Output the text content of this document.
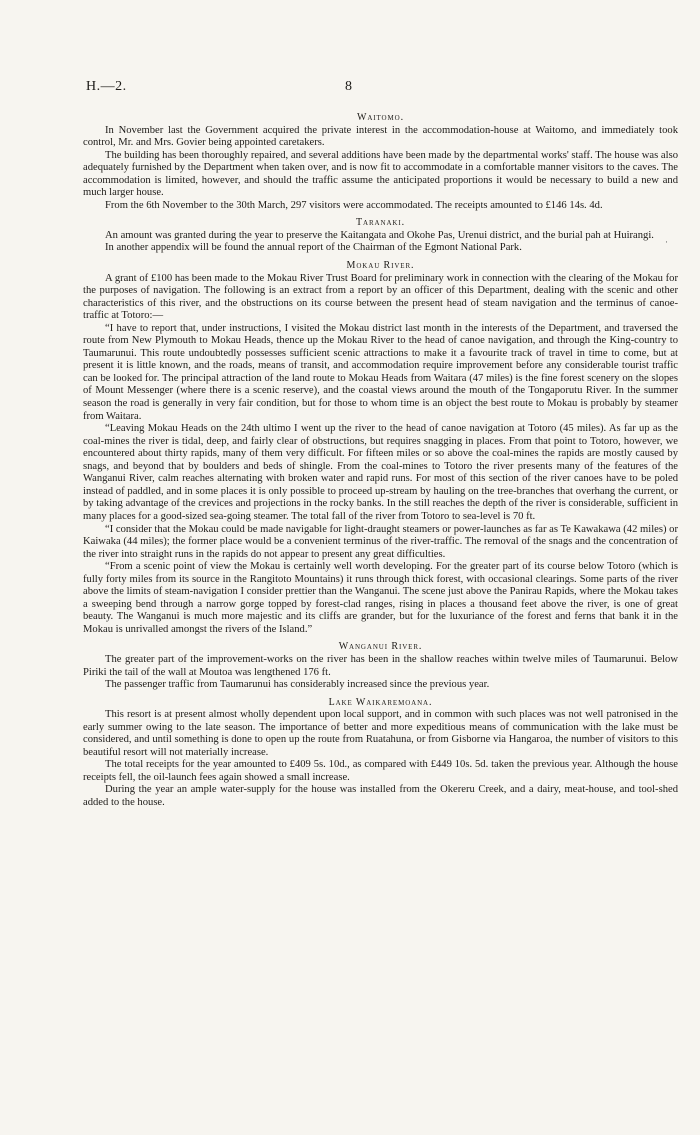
H.—2.	8
·
Waitomo.

In November last the Government acquired the private interest in the accommodation-house at Waitomo, and immediately took control, Mr. and Mrs. Govier being appointed caretakers.

The building has been thoroughly repaired, and several additions have been made by the departmental works' staff. The house was also adequately furnished by the Department when taken over, and is now fit to accommodate in a comfortable manner visitors to the caves. The accommodation is limited, however, and should the traffic assume the anticipated proportions it would be necessary to build a new and much larger house.

From the 6th November to the 30th March, 297 visitors were accommodated. The receipts amounted to £146 14s. 4d.

Taranaki.

An amount was granted during the year to preserve the Kaitangata and Okohe Pas, Urenui district, and the burial pah at Huirangi.

In another appendix will be found the annual report of the Chairman of the Egmont National Park.

Mokau River.

A grant of £100 has been made to the Mokau River Trust Board for preliminary work in connection with the clearing of the Mokau for the purposes of navigation. The following is an extract from a report by an officer of this Department, dealing with the scenic and other characteristics of this river, and the obstructions on its course between the present head of steam navigation and the terminus of canoe-traffic at Totoro:—

“I have to report that, under instructions, I visited the Mokau district last month in the interests of the Department, and traversed the route from New Plymouth to Mokau Heads, thence up the Mokau River to the head of canoe navigation, and through the King-country to Taumarunui. This route undoubtedly possesses sufficient scenic attractions to make it a favourite track of travel in time to come, but at present it is little known, and the roads, means of transit, and accommodation require improvement before any considerable tourist traffic can be looked for. The principal attraction of the land route to Mokau Heads from Waitara (47 miles) is the fine forest scenery on the slopes of Mount Messenger (where there is a scenic reserve), and the coastal views around the mouth of the Tongaporutu River. In the summer season the road is generally in very fair condition, but for those to whom time is an object the best route to Mokau is probably by steamer from Waitara.

“Leaving Mokau Heads on the 24th ultimo I went up the river to the head of canoe navigation at Totoro (45 miles). As far up as the coal-mines the river is tidal, deep, and fairly clear of obstructions, but requires snagging in places. From that point to Totoro, however, we encountered about thirty rapids, many of them very difficult. For fifteen miles or so above the coal-mines the rapids are mostly caused by snags, and beyond that by boulders and beds of shingle. From the coal-mines to Totoro the river presents many of the features of the Wanganui River, calm reaches alternating with broken water and rapid runs. For most of this section of the river canoes have to be poled instead of paddled, and in some places it is only possible to proceed up-stream by hauling on the tree-branches that overhang the current, or by taking advantage of the crevices and projections in the rocky banks. In the still reaches the depth of the river is considerable, sufficient in many places for a good-sized sea-going steamer. The total fall of the river from Totoro to sea-level is 70 ft.

“I consider that the Mokau could be made navigable for light-draught steamers or power-launches as far as Te Kawakawa (42 miles) or Kaiwaka (44 miles); the former place would be a convenient terminus of the river-traffic. The removal of the snags and the concentration of the river into straight runs in the rapids do not appear to present any great difficulties.

“From a scenic point of view the Mokau is certainly well worth developing. For the greater part of its course below Totoro (which is fully forty miles from its source in the Rangitoto Mountains) it runs through thick forest, with occasional clearings. Some parts of the river above the limits of steam-navigation I consider prettier than the Wanganui. The scene just above the Panirau Rapids, where the Mokau takes a sweeping bend through a narrow gorge topped by forest-clad ranges, rising in places a thousand feet above the river, is one of great beauty. The Wanganui is much more majestic and its cliffs are grander, but for the luxuriance of the forest and ferns that bank it in the Mokau is unrivalled amongst the rivers of the Island.”

Wanganui River.

The greater part of the improvement-works on the river has been in the shallow reaches within twelve miles of Taumarunui. Below Piriki the tail of the wall at Moutoa was lengthened 176 ft.

The passenger traffic from Taumarunui has considerably increased since the previous year.

Lake Waikaremoana.

This resort is at present almost wholly dependent upon local support, and in common with such places was not well patronised in the early summer owing to the late season. The importance of better and more expeditious means of communication with the lake must be considered, and until something is done to open up the route from Ruatahuna, or from Gisborne via Hangaroa, the number of visitors to this beautiful resort will not materially increase.

The total receipts for the year amounted to £409 5s. 10d., as compared with £449 10s. 5d. taken the previous year. Although the house receipts fell, the oil-launch fees again showed a small increase.

During the year an ample water-supply for the house was installed from the Okereru Creek, and a dairy, meat-house, and tool-shed added to the house.
